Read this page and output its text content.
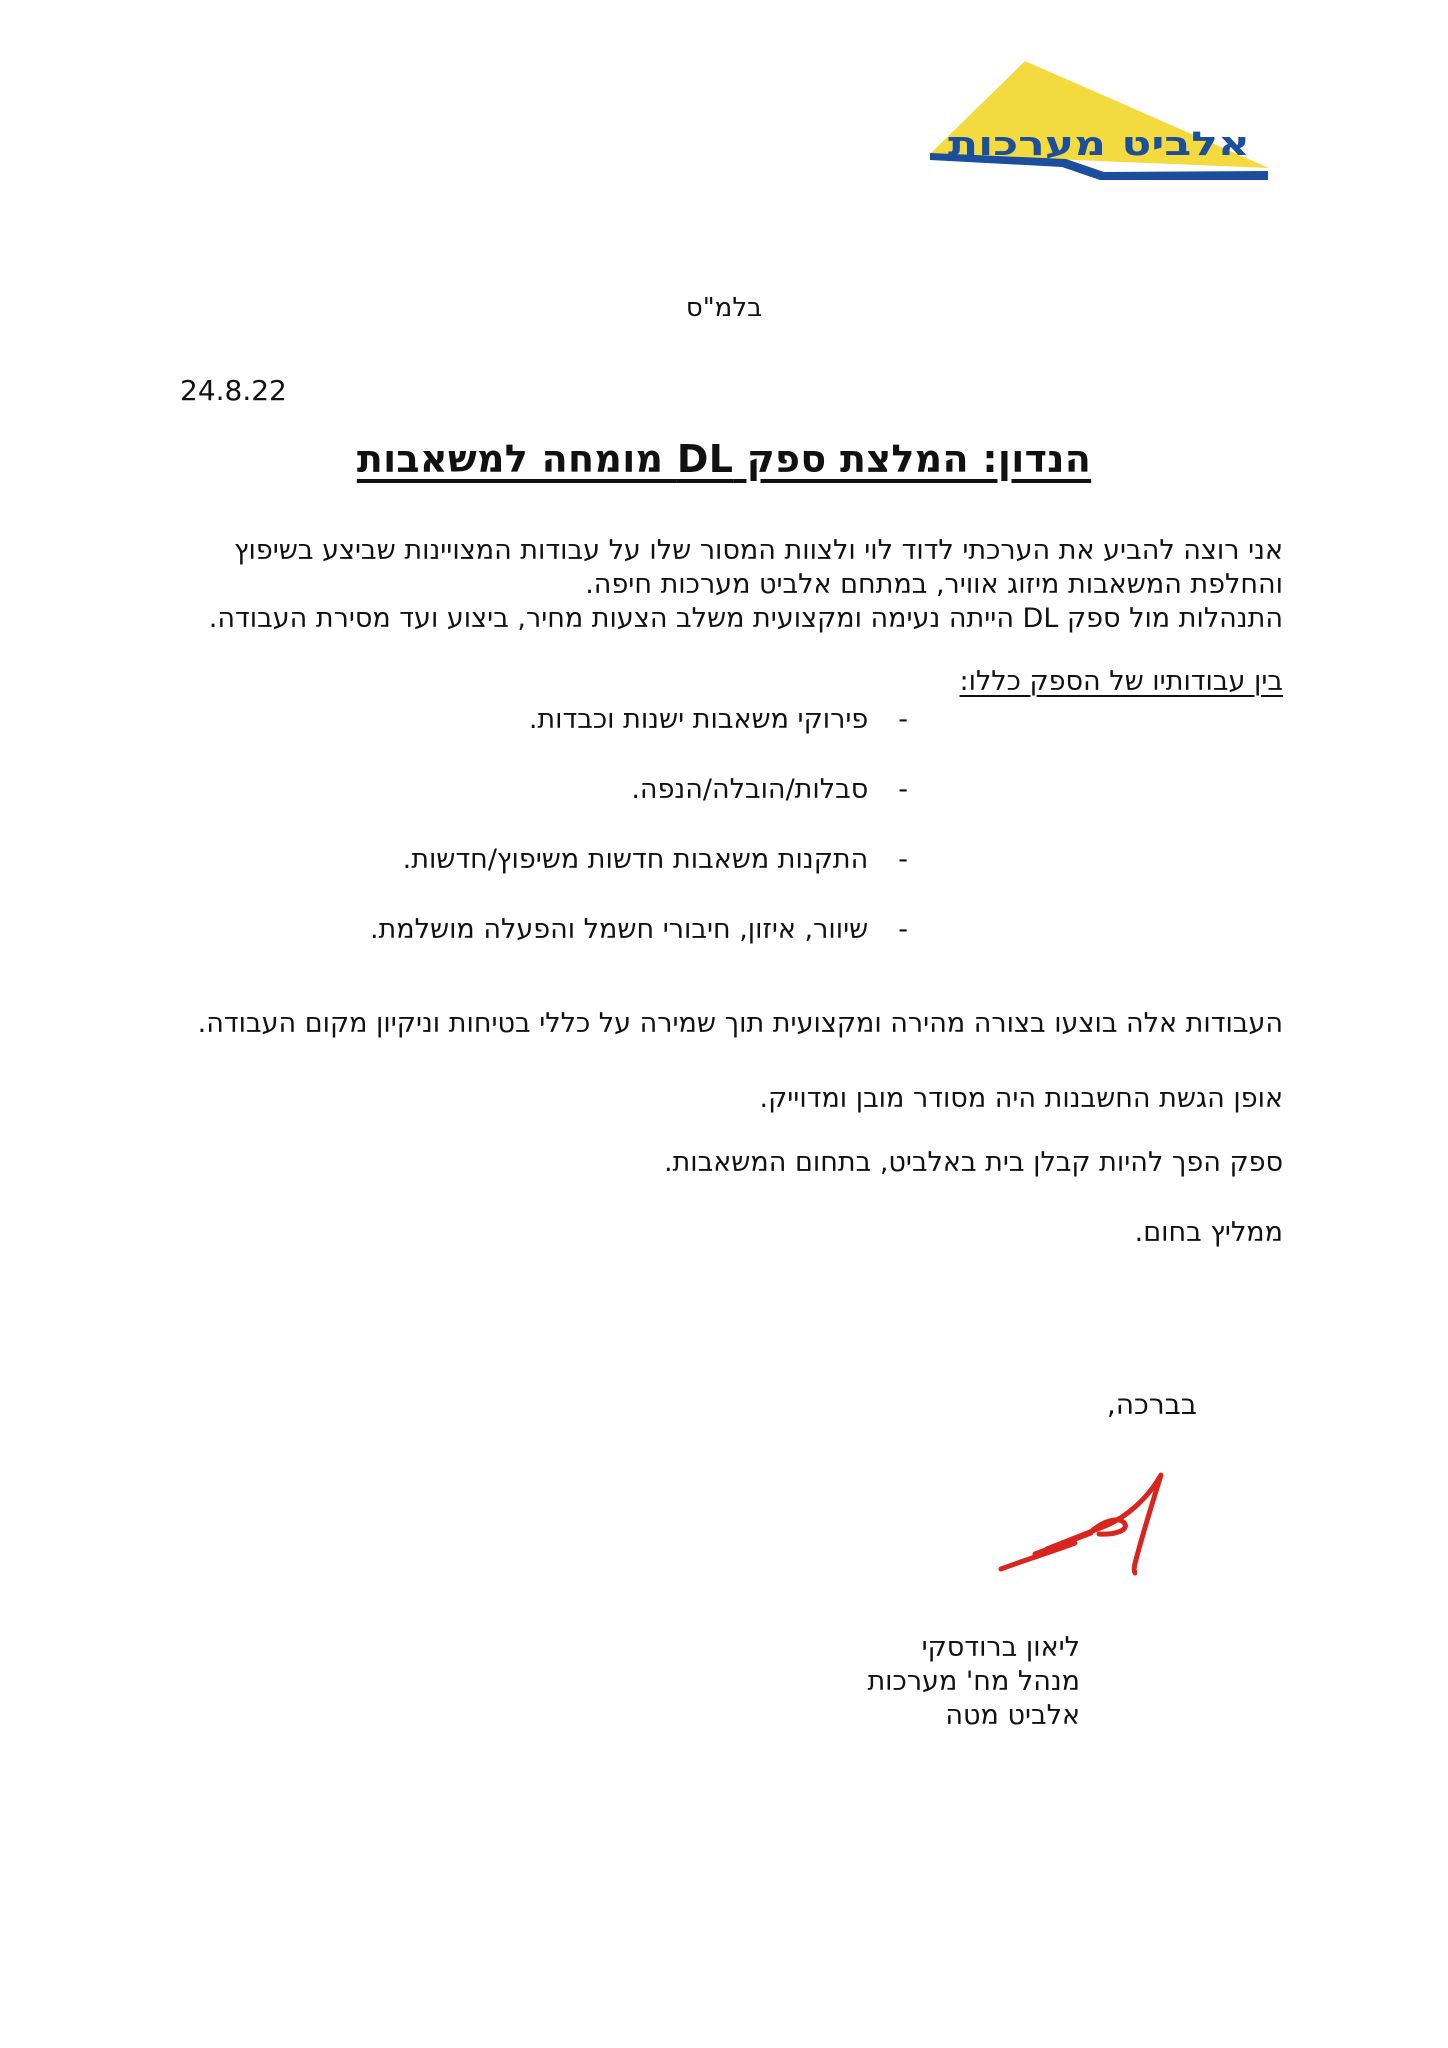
אלביט מערכות
בלמ"ס
24.8.22
הנדון: המלצת ספק DL מומחה למשאבות
אני רוצה להביע את הערכתי לדוד לוי ולצוות המסור שלו על עבודות המצויינות שביצע בשיפוץ
והחלפת המשאבות מיזוג אוויר, במתחם אלביט מערכות חיפה.
התנהלות מול ספק DL הייתה נעימה ומקצועית משלב הצעות מחיר, ביצוע ועד מסירת העבודה.
בין עבודותיו של הספק כללו:
-פירוקי משאבות ישנות וכבדות.
-סבלות/הובלה/הנפה.
-התקנות משאבות חדשות משיפוץ/חדשות.
-שיוור, איזון, חיבורי חשמל והפעלה מושלמת.
העבודות אלה בוצעו בצורה מהירה ומקצועית תוך שמירה על כללי בטיחות וניקיון מקום העבודה.
אופן הגשת החשבנות היה מסודר מובן ומדוייק.
ספק הפך להיות קבלן בית באלביט, בתחום המשאבות.
ממליץ בחום.
בברכה,
ליאון ברודסקי
מנהל מח' מערכות
אלביט מטה
